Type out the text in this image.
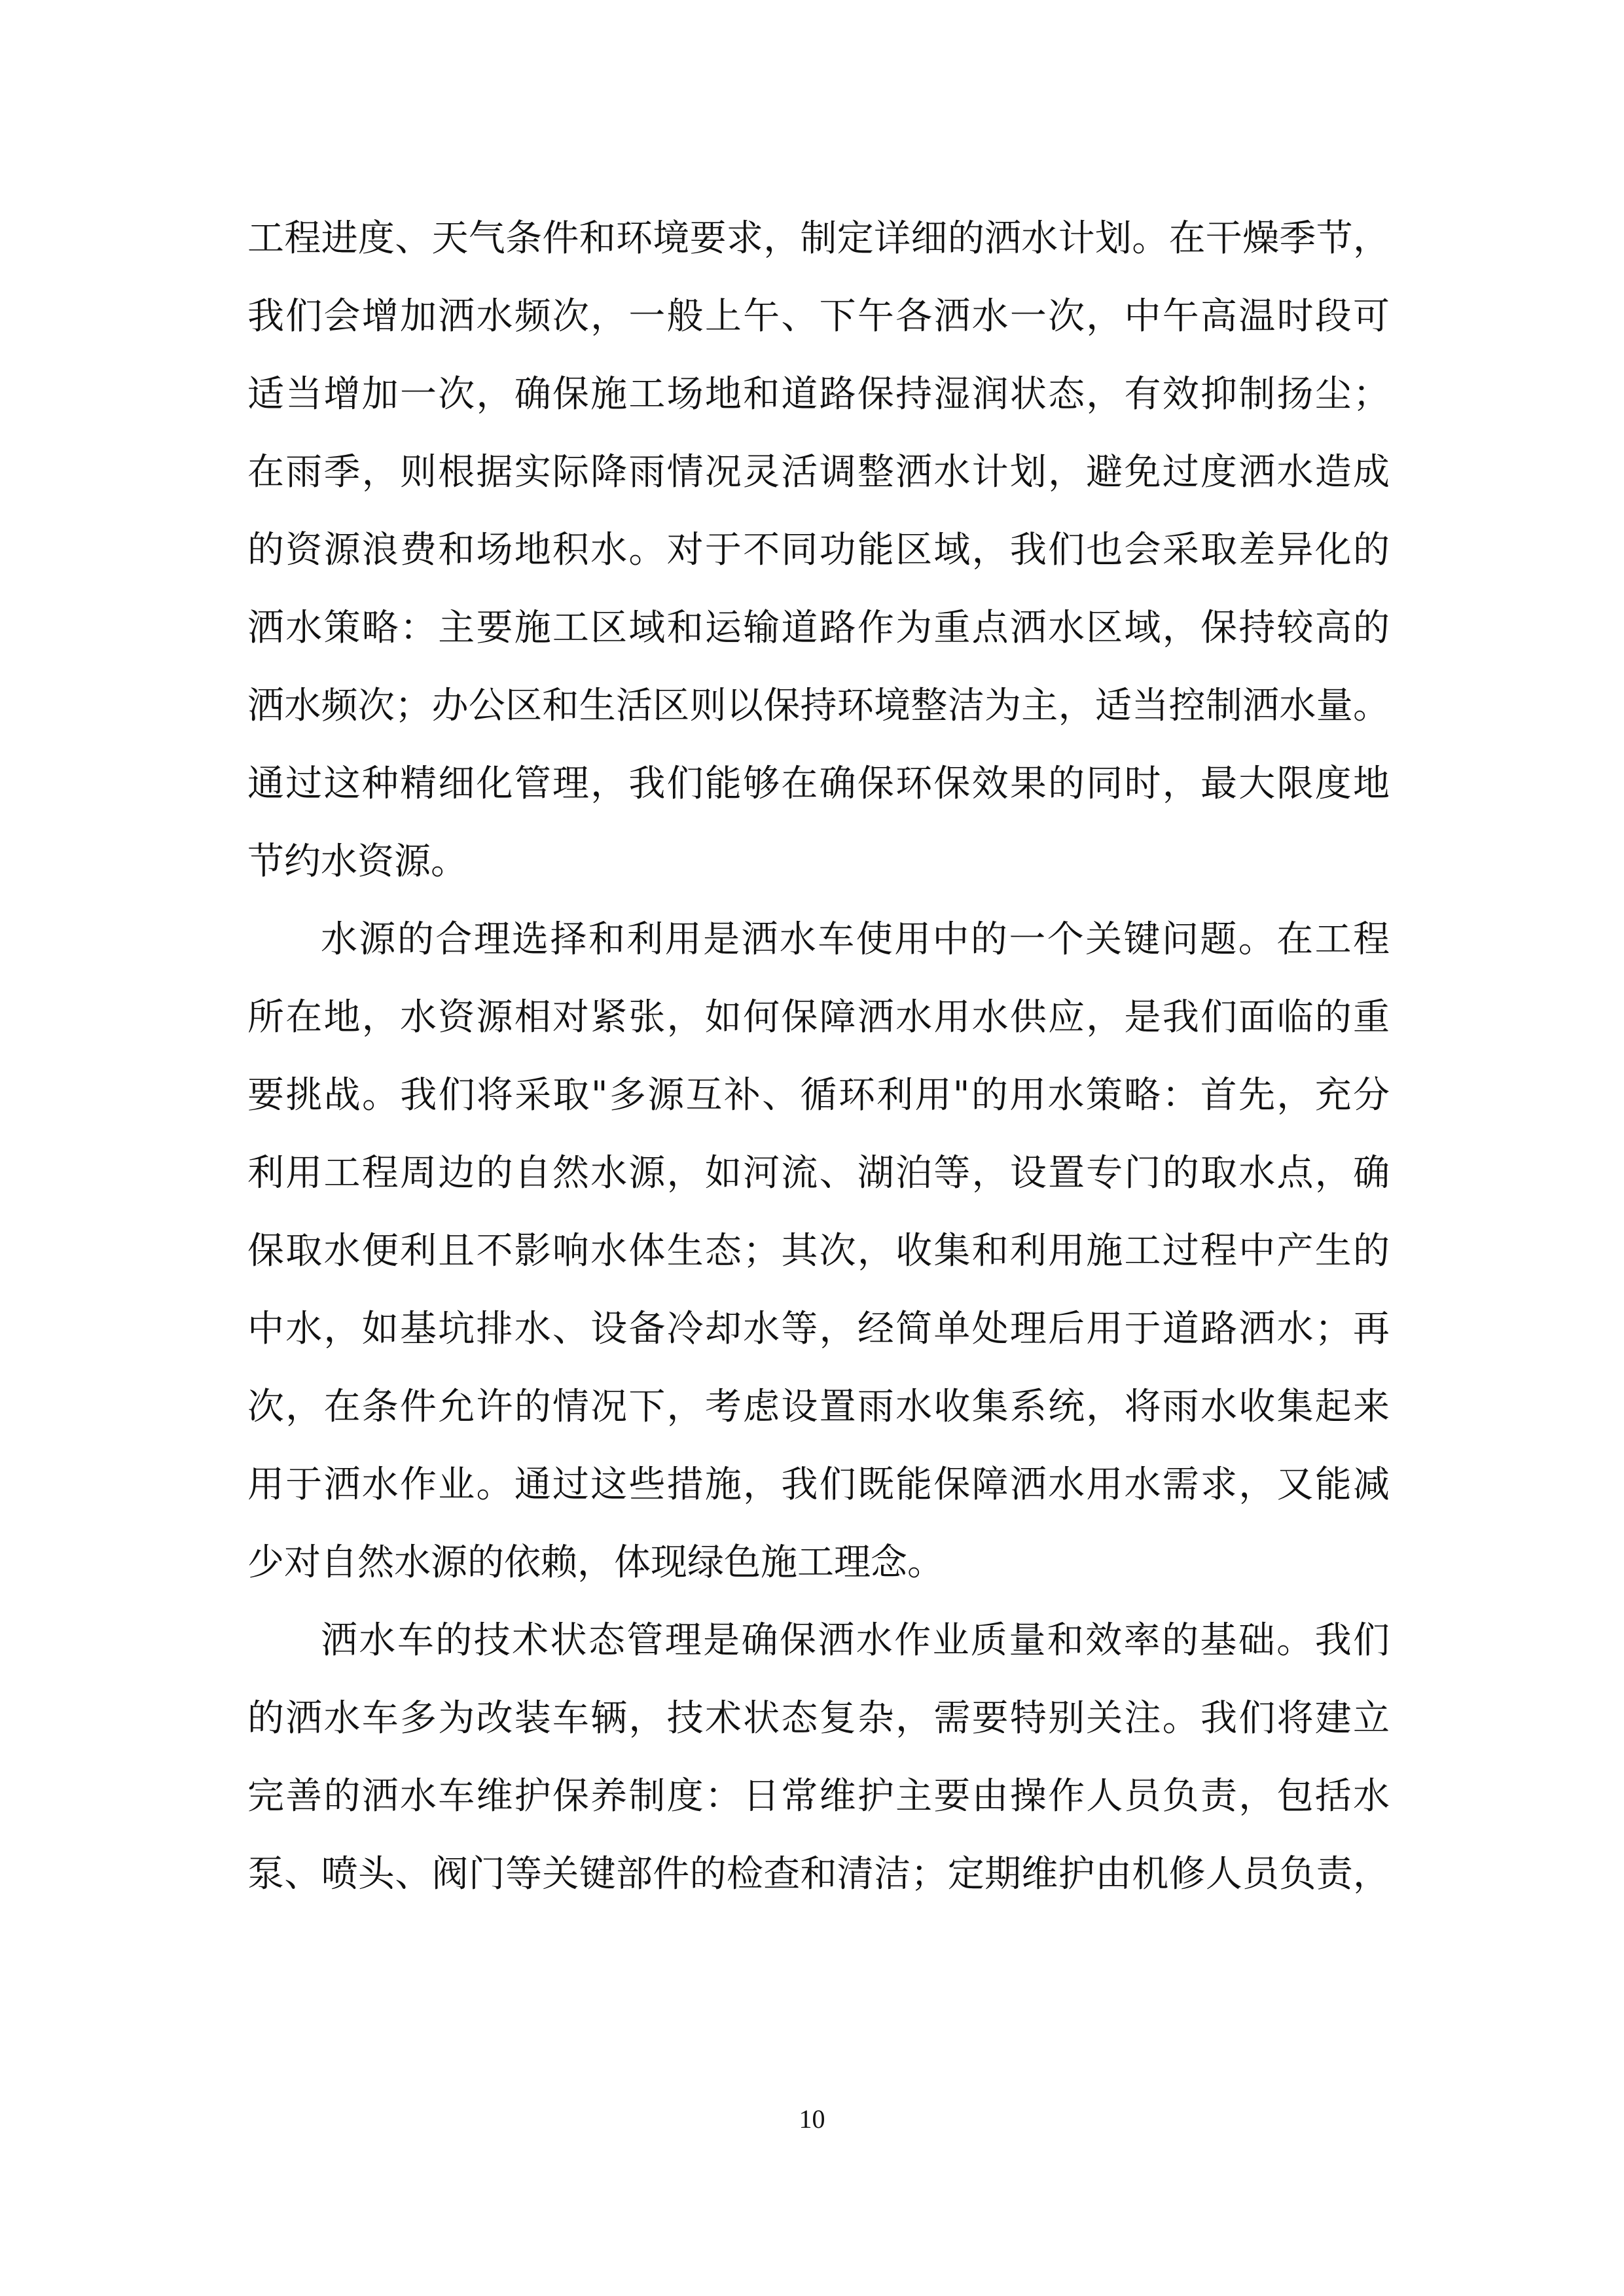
工程进度、天气条件和环境要求，制定详细的洒水计划。在干燥季节，
我们会增加洒水频次，一般上午、下午各洒水一次，中午高温时段可
适当增加一次，确保施工场地和道路保持湿润状态，有效抑制扬尘；
在雨季，则根据实际降雨情况灵活调整洒水计划，避免过度洒水造成
的资源浪费和场地积水。对于不同功能区域，我们也会采取差异化的
洒水策略：主要施工区域和运输道路作为重点洒水区域，保持较高的
洒水频次；办公区和生活区则以保持环境整洁为主，适当控制洒水量。
通过这种精细化管理，我们能够在确保环保效果的同时，最大限度地
节约水资源。
水源的合理选择和利用是洒水车使用中的一个关键问题。在工程
所在地，水资源相对紧张，如何保障洒水用水供应，是我们面临的重
要挑战。我们将采取"多源互补、循环利用"的用水策略：首先，充分
利用工程周边的自然水源，如河流、湖泊等，设置专门的取水点，确
保取水便利且不影响水体生态；其次，收集和利用施工过程中产生的
中水，如基坑排水、设备冷却水等，经简单处理后用于道路洒水；再
次，在条件允许的情况下，考虑设置雨水收集系统，将雨水收集起来
用于洒水作业。通过这些措施，我们既能保障洒水用水需求，又能减
少对自然水源的依赖，体现绿色施工理念。
洒水车的技术状态管理是确保洒水作业质量和效率的基础。我们
的洒水车多为改装车辆，技术状态复杂，需要特别关注。我们将建立
完善的洒水车维护保养制度：日常维护主要由操作人员负责，包括水
泵、喷头、阀门等关键部件的检查和清洁；定期维护由机修人员负责，
10
